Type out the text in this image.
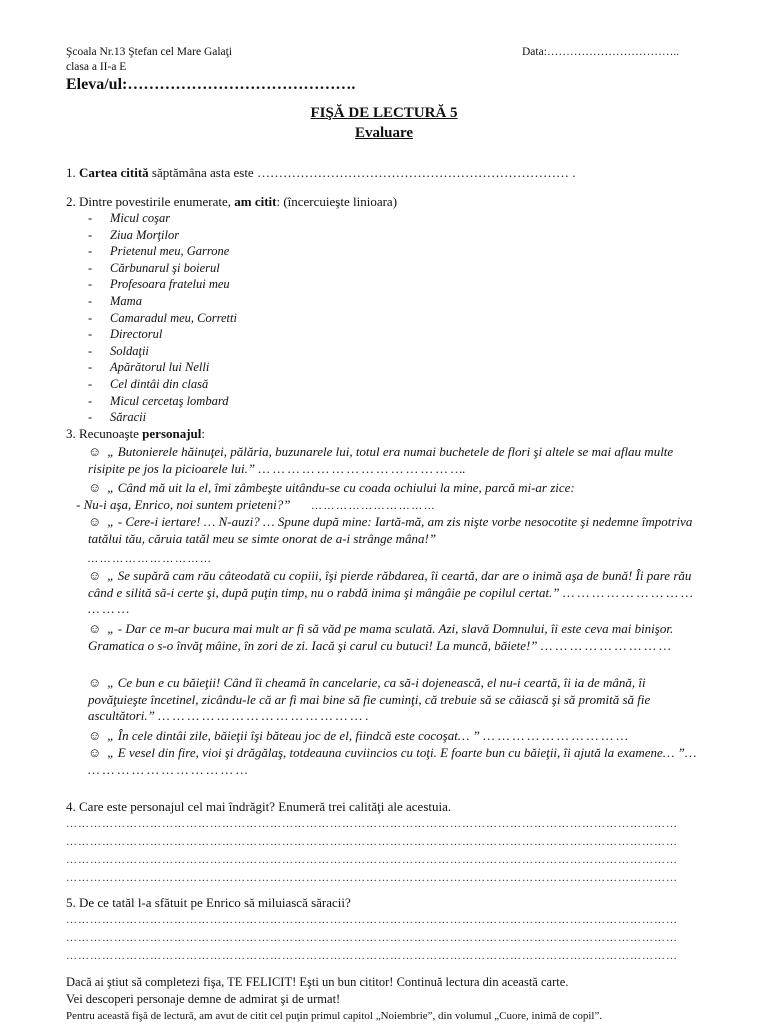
Şcoala Nr.13 Ştefan cel Mare Galaţi
clasa a II-a E
Data:……………………………..
Eleva/ul:…………………………………….
FIŞĂ DE LECTURĂ 5
Evaluare
1. Cartea citită săptămâna asta este ……………………………………………………………… .
2. Dintre povestirile enumerate, am citit: (încercuieşte linioara)
- Micul coşar
- Ziua Morţilor
- Prietenul meu, Garrone
- Cărbunarul şi boierul
- Profesoara fratelui meu
- Mama
- Camaradul meu, Corretti
- Directorul
- Soldaţii
- Apărătorul lui Nelli
- Cel dintâi din clasă
- Micul cercetaş lombard
- Săracii
3. Recunoaşte personajul:
☺ „ Butonierele hăinuţei, pălăria, buzunarele lui, totul era numai buchetele de flori şi altele se mai aflau multe risipite pe jos la picioarele lui.” … … … … … … … … … … … … … ….
☺ „ Când mă uit la el, îmi zâmbeşte uitându-se cu coada ochiului la mine, parcă mi-ar zice:
- Nu-i aşa, Enrico, noi suntem prieteni?” … … … … … … … … … …
☺ „ - Cere-i iertare! … N-auzi? … Spune după mine: Iartă-mă, am zis nişte vorbe nesocotite şi nedemne împotriva tatălui tău, căruia tatăl meu se simte onorat de a-i strânge mâna!”
… … … … … … … … … …
☺ „ Se supără cam rău câteodată cu copiii, îşi pierde răbdarea, îi ceartă, dar are o inimă aşa de bună! Îi pare rău când e silită să-i certe şi, după puţin timp, nu o rabdă inima şi mângâie pe copilul certat.” … … … … … … … … … … … …
☺ „ - Dar ce m-ar bucura mai mult ar fi să văd pe mama sculată. Azi, slavă Domnului, îi este ceva mai binişor. Gramatica o s-o învăţ mâine, în zori de zi. Iacă şi carul cu butuci! La muncă, băiete!” … … … … … … … … …
☺ „ Ce bun e cu băieţii! Când îi cheamă în cancelarie, ca să-i dojenească, el nu-i ceartă, îi ia de mână, îi povăţuieşte încetinel, zicându-le că ar fi mai bine să fie cuminţi, că trebuie să se căiască şi să promită să fie ascultători.” … … … … … … … … … … … … … … .
☺ „ În cele dintâi zile, băieţii îşi băteau joc de el, fiindcă este cocoşat… ” … … … … … … … … … …
☺ „ E vesel din fire, vioi şi drăgălaş, totdeauna cuviincios cu toţi. E foarte bun cu băieţii, îi ajută la examene… ”… … … … … … … … … … … …
4. Care este personajul cel mai îndrăgit? Enumeră trei calităţi ale acestuia.
………………………………………………………………………………………………………………………………………
………………………………………………………………………………………………………………………………………
………………………………………………………………………………………………………………………………………
………………………………………………………………………………………………………………………………………
5. De ce tatăl l-a sfătuit pe Enrico să miluiască săracii?
………………………………………………………………………………………………………………………………………
………………………………………………………………………………………………………………………………………
………………………………………………………………………………………………………………………………………
Dacă ai ştiut să completezi fişa, TE FELICIT! Eşti un bun cititor! Continuă lectura din această carte.
Vei descoperi personaje demne de admirat şi de urmat!
Pentru această fişă de lectură, am avut de citit cel puţin primul capitol „Noiembrie”, din volumul „Cuore, inimă de copil”.
